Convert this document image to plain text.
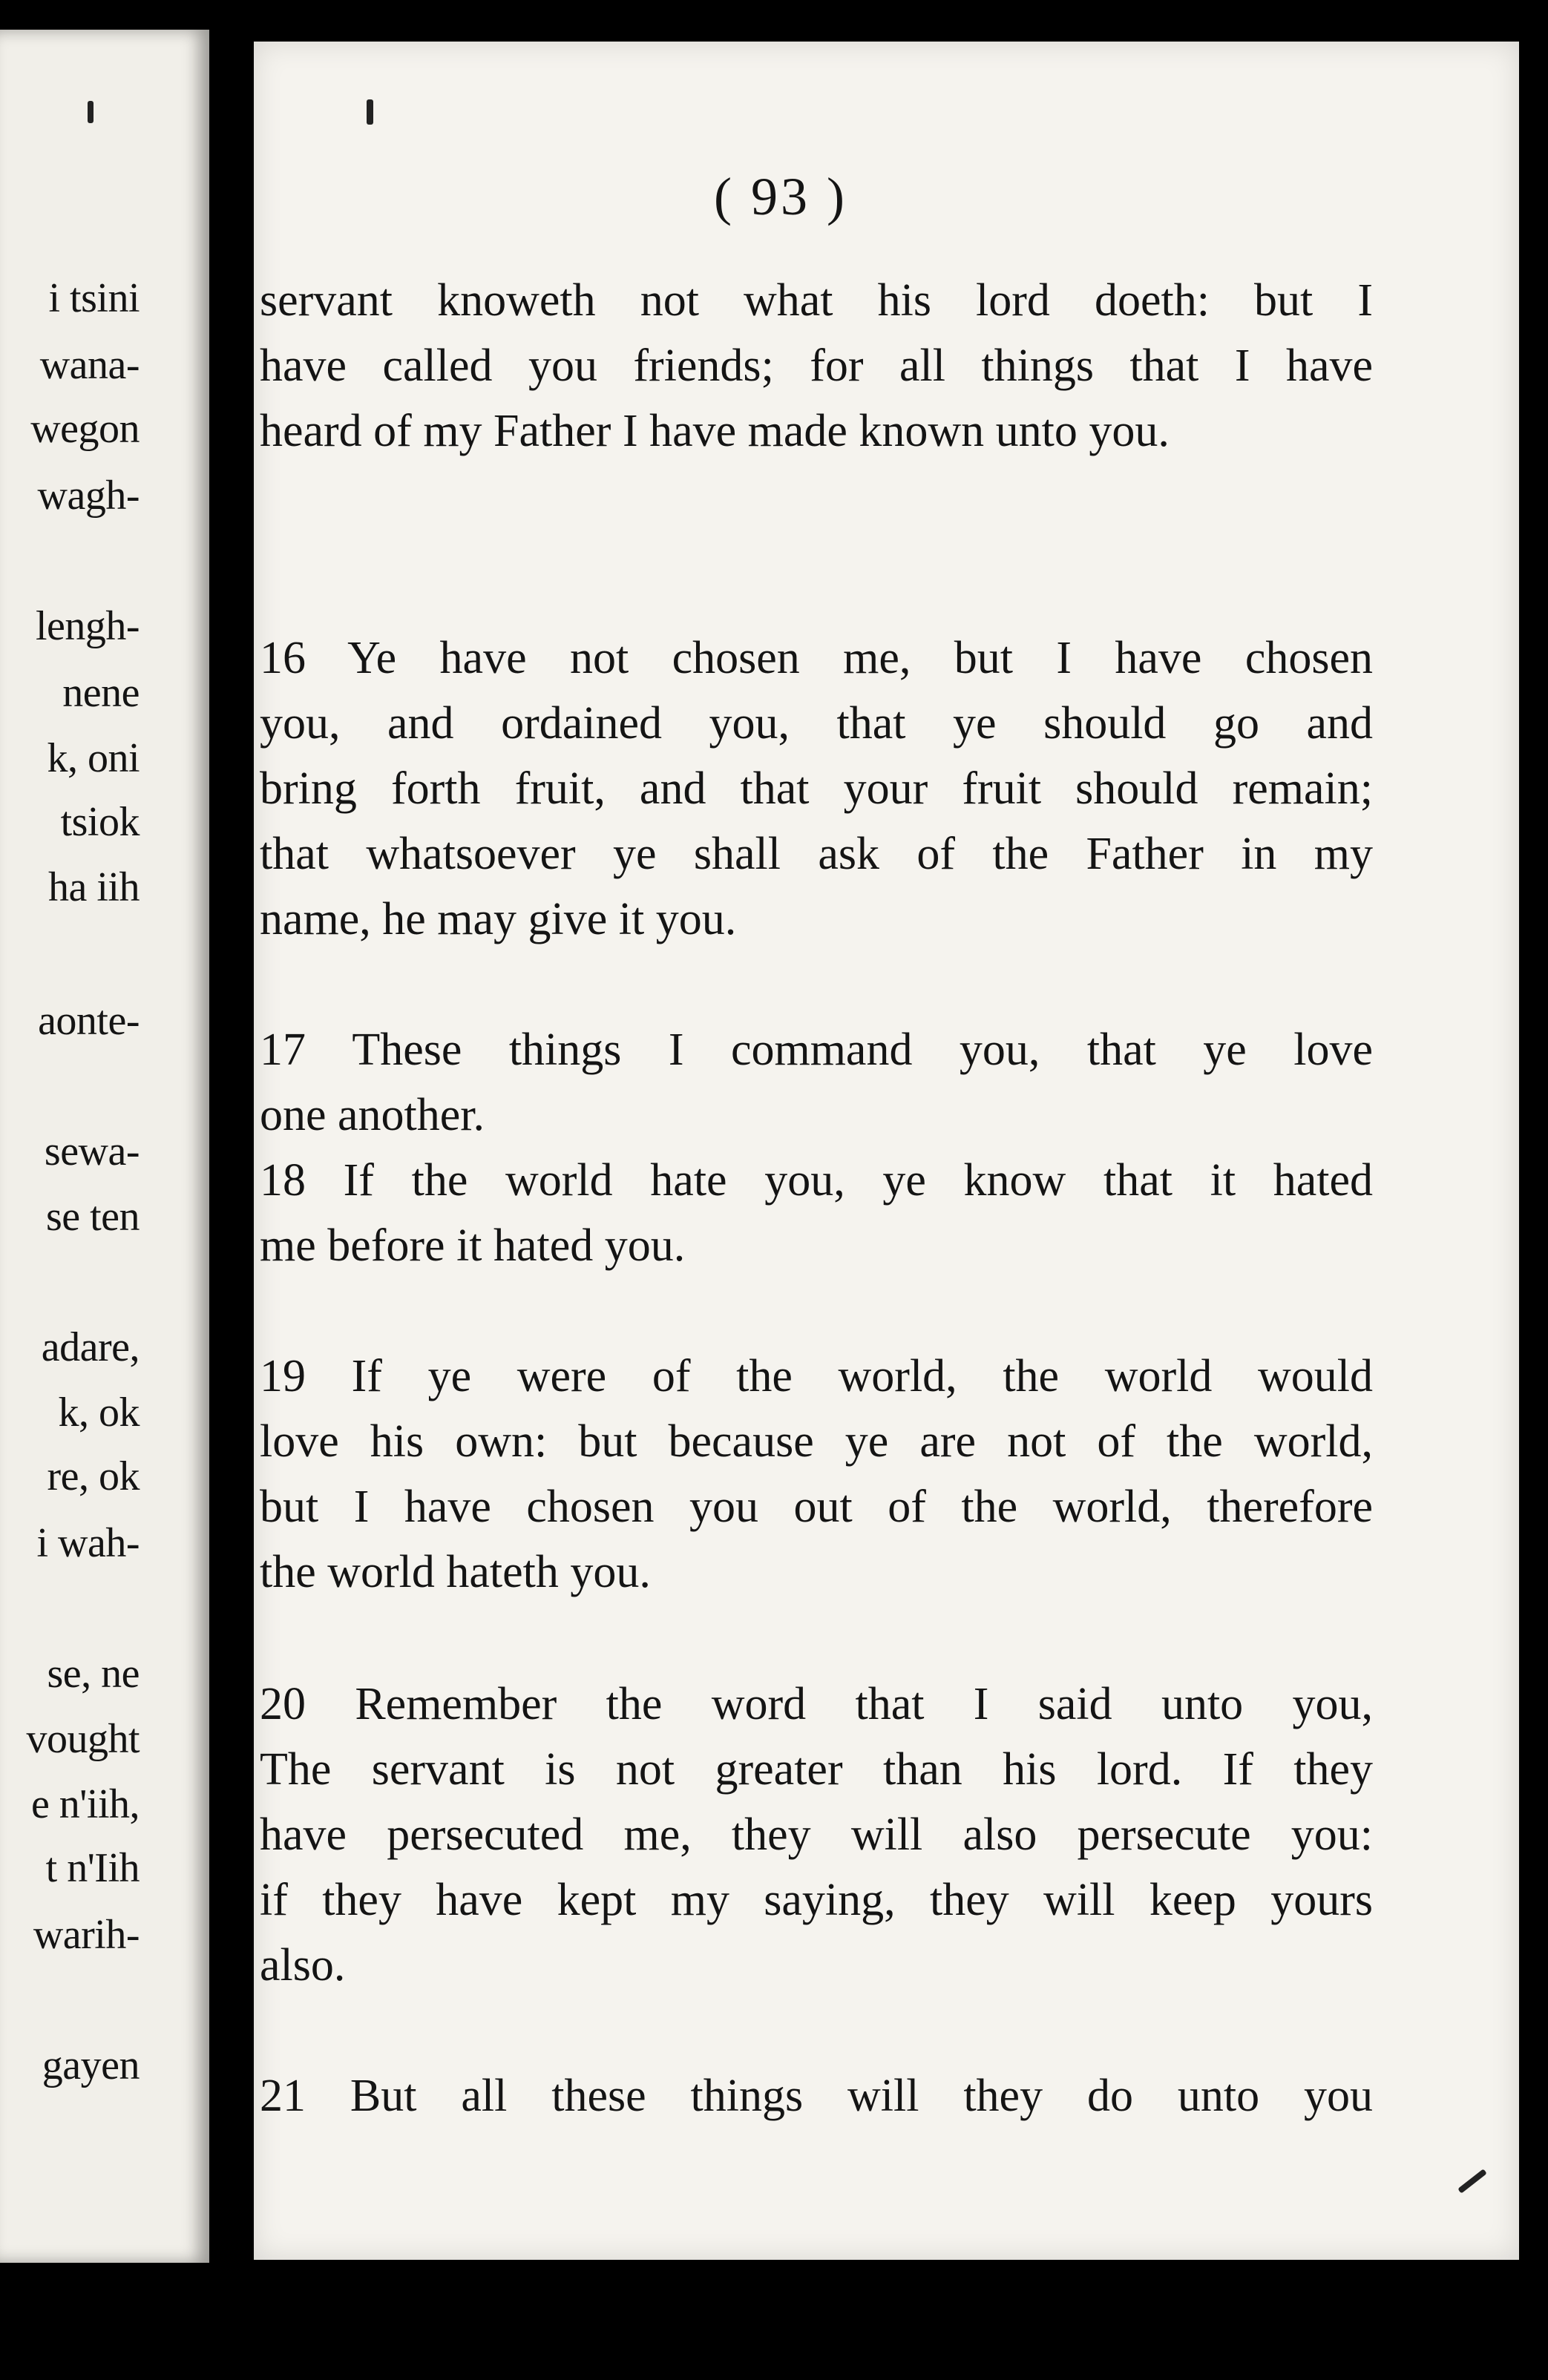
i tsini

wana-

wegon

wagh-

lengh-

nene

k, oni

tsiok

ha iih

aonte-

sewa-

se ten

adare,

k, ok

re, ok

i wah-

se, ne

vought

e n'iih,

t n'Iih

warih-

gayen

( 93 )

servant knoweth not what his lord doeth: but I

have called you friends; for all things that I have

heard of my Father I have made known unto you.

16 Ye have not chosen me, but I have chosen

you, and ordained you, that ye should go and

bring forth fruit, and that your fruit should remain;

that whatsoever ye shall ask of the Father in my

name, he may give it you.

17 These things I command you, that ye love

one another.

18 If the world hate you, ye know that it hated

me before it hated you.

19 If ye were of the world, the world would

love his own: but because ye are not of the world,

but I have chosen you out of the world, therefore

the world hateth you.

20 Remember the word that I said unto you,

The servant is not greater than his lord. If they

have persecuted me, they will also persecute you:

if they have kept my saying, they will keep yours

also.

21 But all these things will they do unto you
